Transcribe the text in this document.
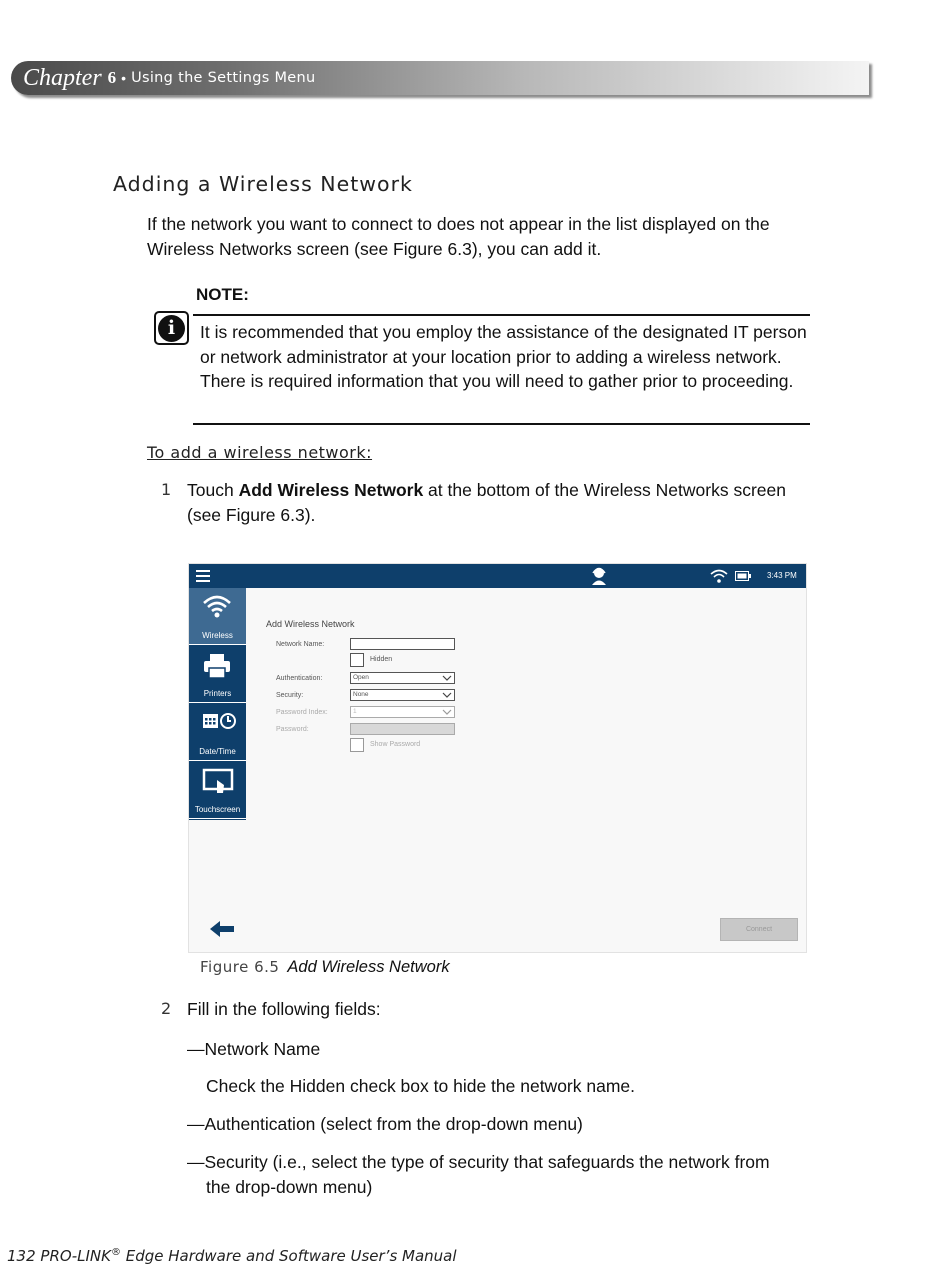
Chapter 6 • Using the Settings Menu
Adding a Wireless Network
If the network you want to connect to does not appear in the list displayed on the Wireless Networks screen (see Figure 6.3), you can add it.
NOTE:
i	It is recommended that you employ the assistance of the designated IT person or network administrator at your location prior to adding a wireless network. There is required information that you will need to gather prior to proceeding.
To add a wireless network:
1 Touch Add Wireless Network at the bottom of the Wireless Networks screen (see Figure 6.3).
3:43 PM
Wireless
Printers
Date/Time
Touchscreen
Add Wireless Network
Network Name:
Hidden
Authentication:	Open
Security:	None
Password Index:	1
Password:
Show Password
Connect
Figure 6.5 Add Wireless Network
2 Fill in the following fields:
—Network Name
Check the Hidden check box to hide the network name.
—Authentication (select from the drop-down menu)
—Security (i.e., select the type of security that safeguards the network from
the drop-down menu)
132 PRO-LINK® Edge Hardware and Software User’s Manual
